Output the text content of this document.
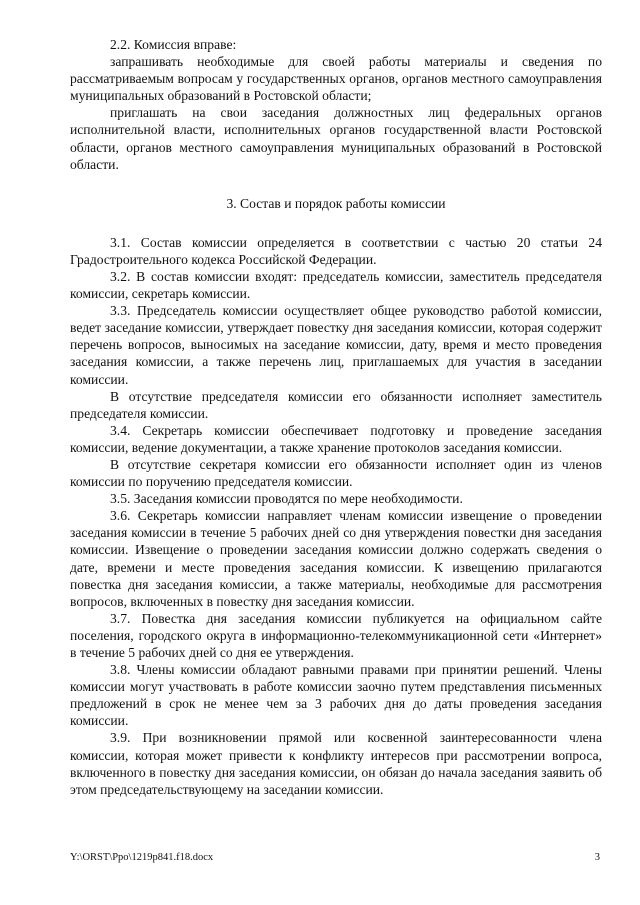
2.2. Комиссия вправе:

запрашивать необходимые для своей работы материалы и сведения по рассматриваемым вопросам у государственных органов, органов местного самоуправления муниципальных образований в Ростовской области;

приглашать на свои заседания должностных лиц федеральных органов исполнительной власти, исполнительных органов государственной власти Ростовской области, органов местного самоуправления муниципальных образований в Ростовской области.

3. Состав и порядок работы комиссии

3.1. Состав комиссии определяется в соответствии с частью 20 статьи 24 Градостроительного кодекса Российской Федерации.

3.2. В состав комиссии входят: председатель комиссии, заместитель председателя комиссии, секретарь комиссии.

3.3. Председатель комиссии осуществляет общее руководство работой комиссии, ведет заседание комиссии, утверждает повестку дня заседания комиссии, которая содержит перечень вопросов, выносимых на заседание комиссии, дату, время и место проведения заседания комиссии, а также перечень лиц, приглашаемых для участия в заседании комиссии.

В отсутствие председателя комиссии его обязанности исполняет заместитель председателя комиссии.

3.4. Секретарь комиссии обеспечивает подготовку и проведение заседания комиссии, ведение документации, а также хранение протоколов заседания комиссии.

В отсутствие секретаря комиссии его обязанности исполняет один из членов комиссии по поручению председателя комиссии.

3.5. Заседания комиссии проводятся по мере необходимости.

3.6. Секретарь комиссии направляет членам комиссии извещение о проведении заседания комиссии в течение 5 рабочих дней со дня утверждения повестки дня заседания комиссии. Извещение о проведении заседания комиссии должно содержать сведения о дате, времени и месте проведения заседания комиссии. К извещению прилагаются повестка дня заседания комиссии, а также материалы, необходимые для рассмотрения вопросов, включенных в повестку дня заседания комиссии.

3.7. Повестка дня заседания комиссии публикуется на официальном сайте поселения, городского округа в информационно-телекоммуникационной сети «Интернет» в течение 5 рабочих дней со дня ее утверждения.

3.8. Члены комиссии обладают равными правами при принятии решений. Члены комиссии могут участвовать в работе комиссии заочно путем представления письменных предложений в срок не менее чем за 3 рабочих дня до даты проведения заседания комиссии.

3.9. При возникновении прямой или косвенной заинтересованности члена комиссии, которая может привести к конфликту интересов при рассмотрении вопроса, включенного в повестку дня заседания комиссии, он обязан до начала заседания заявить об этом председательствующему на заседании комиссии.

Y:\ORST\Ppo\1219p841.f18.docx	3
